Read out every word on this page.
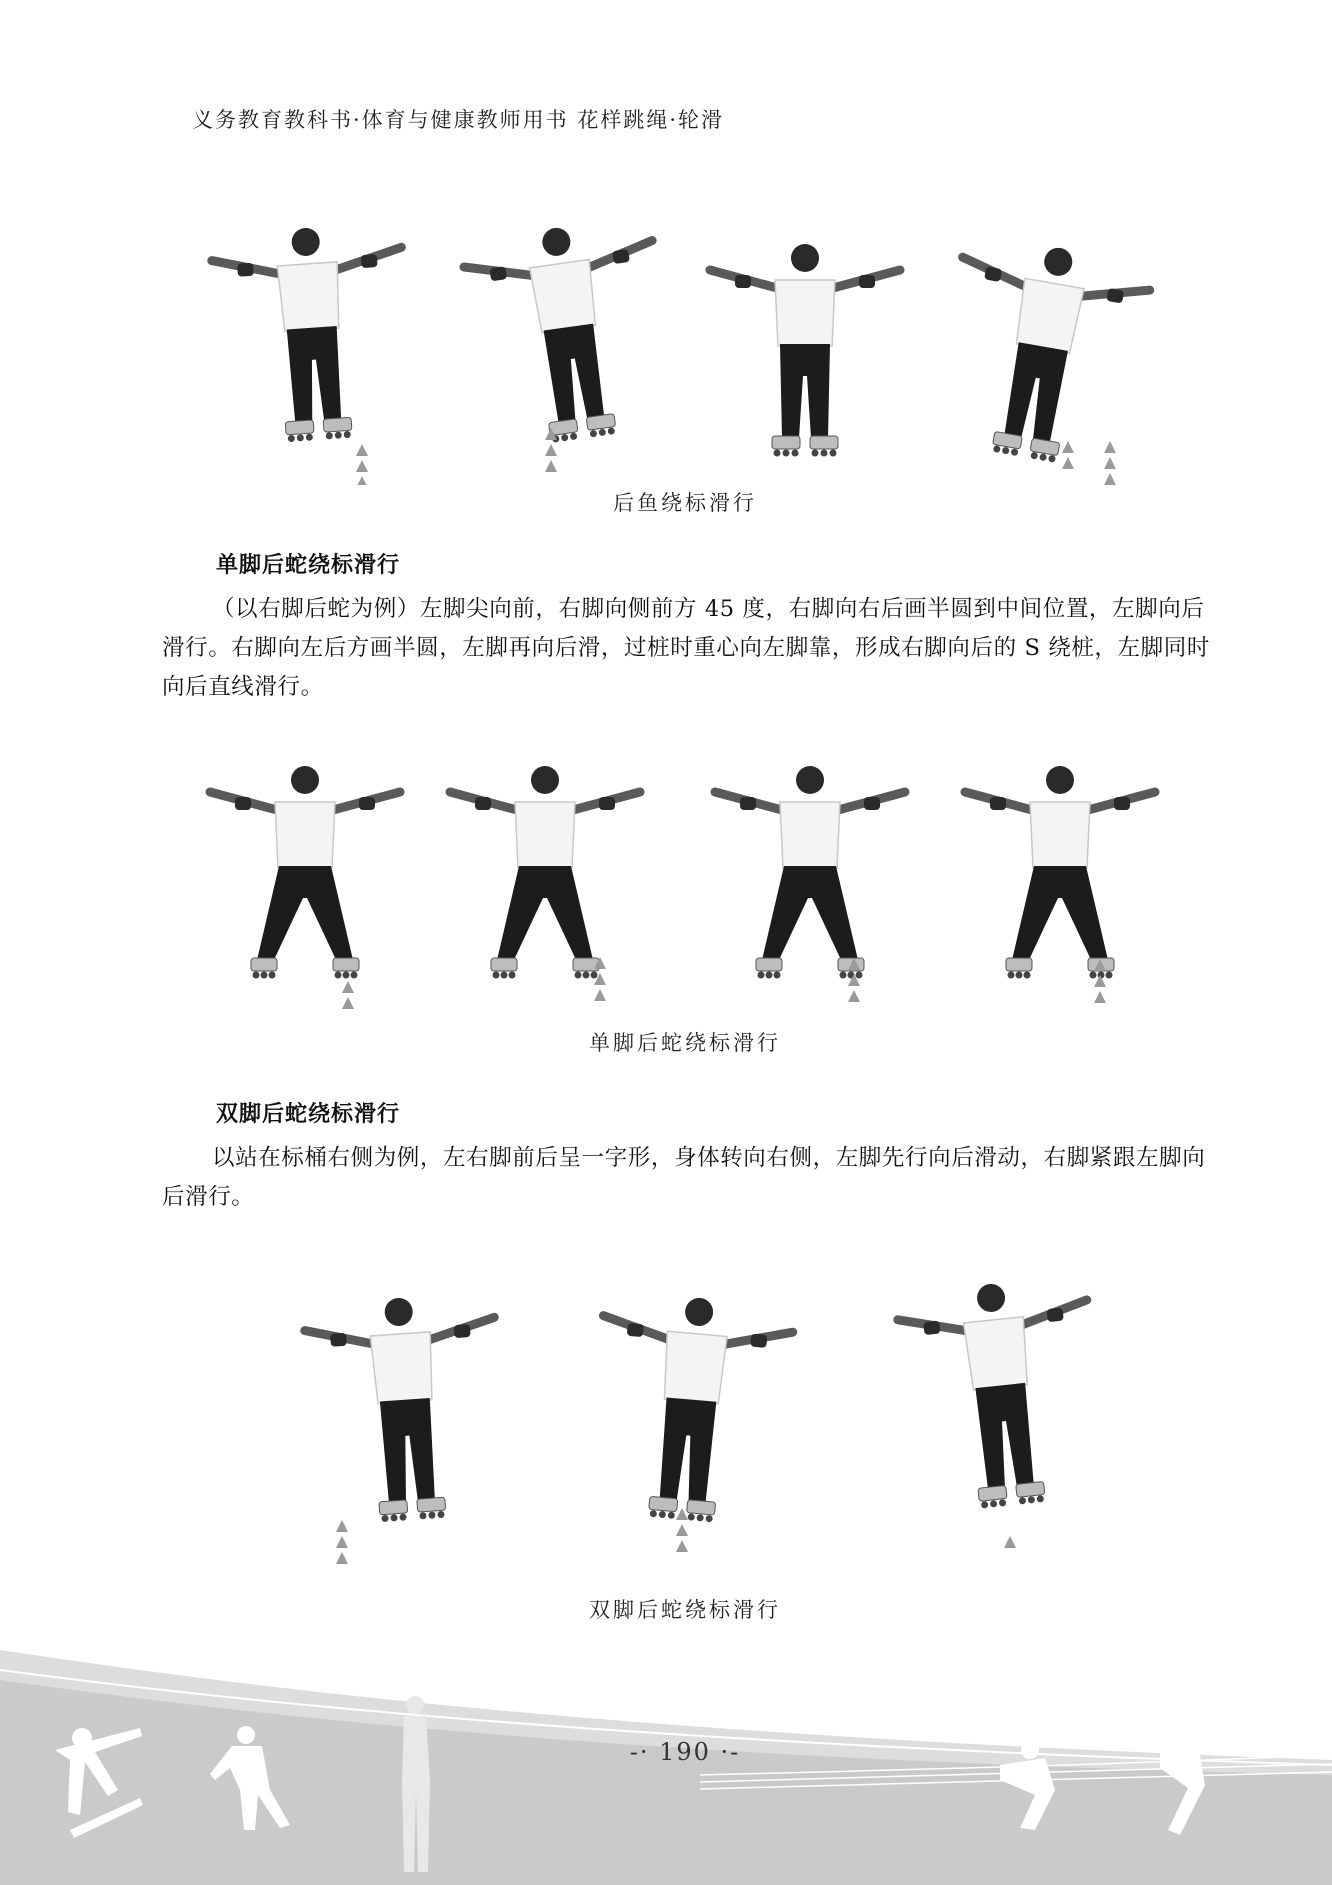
义务教育教科书·体育与健康教师用书 花样跳绳·轮滑
后鱼绕标滑行
单脚后蛇绕标滑行
（以右脚后蛇为例）左脚尖向前，右脚向侧前方 45 度，右脚向右后画半圆到中间位置，左脚向后滑行。右脚向左后方画半圆，左脚再向后滑，过桩时重心向左脚靠，形成右脚向后的 S 绕桩，左脚同时向后直线滑行。
单脚后蛇绕标滑行
双脚后蛇绕标滑行
以站在标桶右侧为例，左右脚前后呈一字形，身体转向右侧，左脚先行向后滑动，右脚紧跟左脚向后滑行。
双脚后蛇绕标滑行
-· 190 ·-
